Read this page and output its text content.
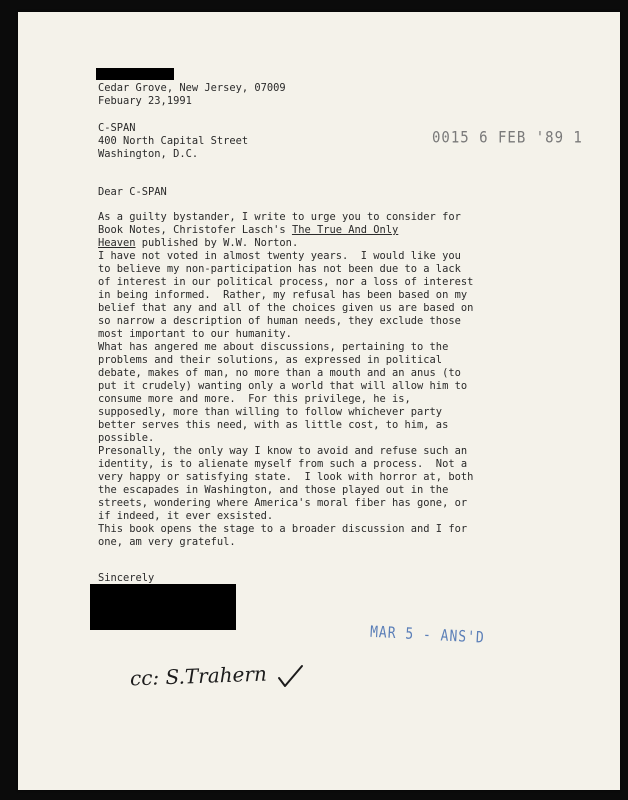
Cedar Grove, New Jersey, 07009

Febuary 23,1991

C-SPAN

400 North Capital Street

Washington, D.C.

0015 6 FEB '89 1

Dear C-SPAN

As a guilty bystander, I write to urge you to consider for

Book Notes, Christofer Lasch's The True And Only

Heaven published by W.W. Norton.

I have not voted in almost twenty years.  I would like you

to believe my non-participation has not been due to a lack

of interest in our political process, nor a loss of interest

in being informed.  Rather, my refusal has been based on my

belief that any and all of the choices given us are based on

so narrow a description of human needs, they exclude those

most important to our humanity.

What has angered me about discussions, pertaining to the

problems and their solutions, as expressed in political

debate, makes of man, no more than a mouth and an anus (to

put it crudely) wanting only a world that will allow him to

consume more and more.  For this privilege, he is,

supposedly, more than willing to follow whichever party

better serves this need, with as little cost, to him, as

possible.

Presonally, the only way I know to avoid and refuse such an

identity, is to alienate myself from such a process.  Not a

very happy or satisfying state.  I look with horror at, both

the escapades in Washington, and those played out in the

streets, wondering where America's moral fiber has gone, or

if indeed, it ever exsisted.

This book opens the stage to a broader discussion and I for

one, am very grateful.

Sincerely

MAR 5 - ANS'D
cc: S.Trahern
